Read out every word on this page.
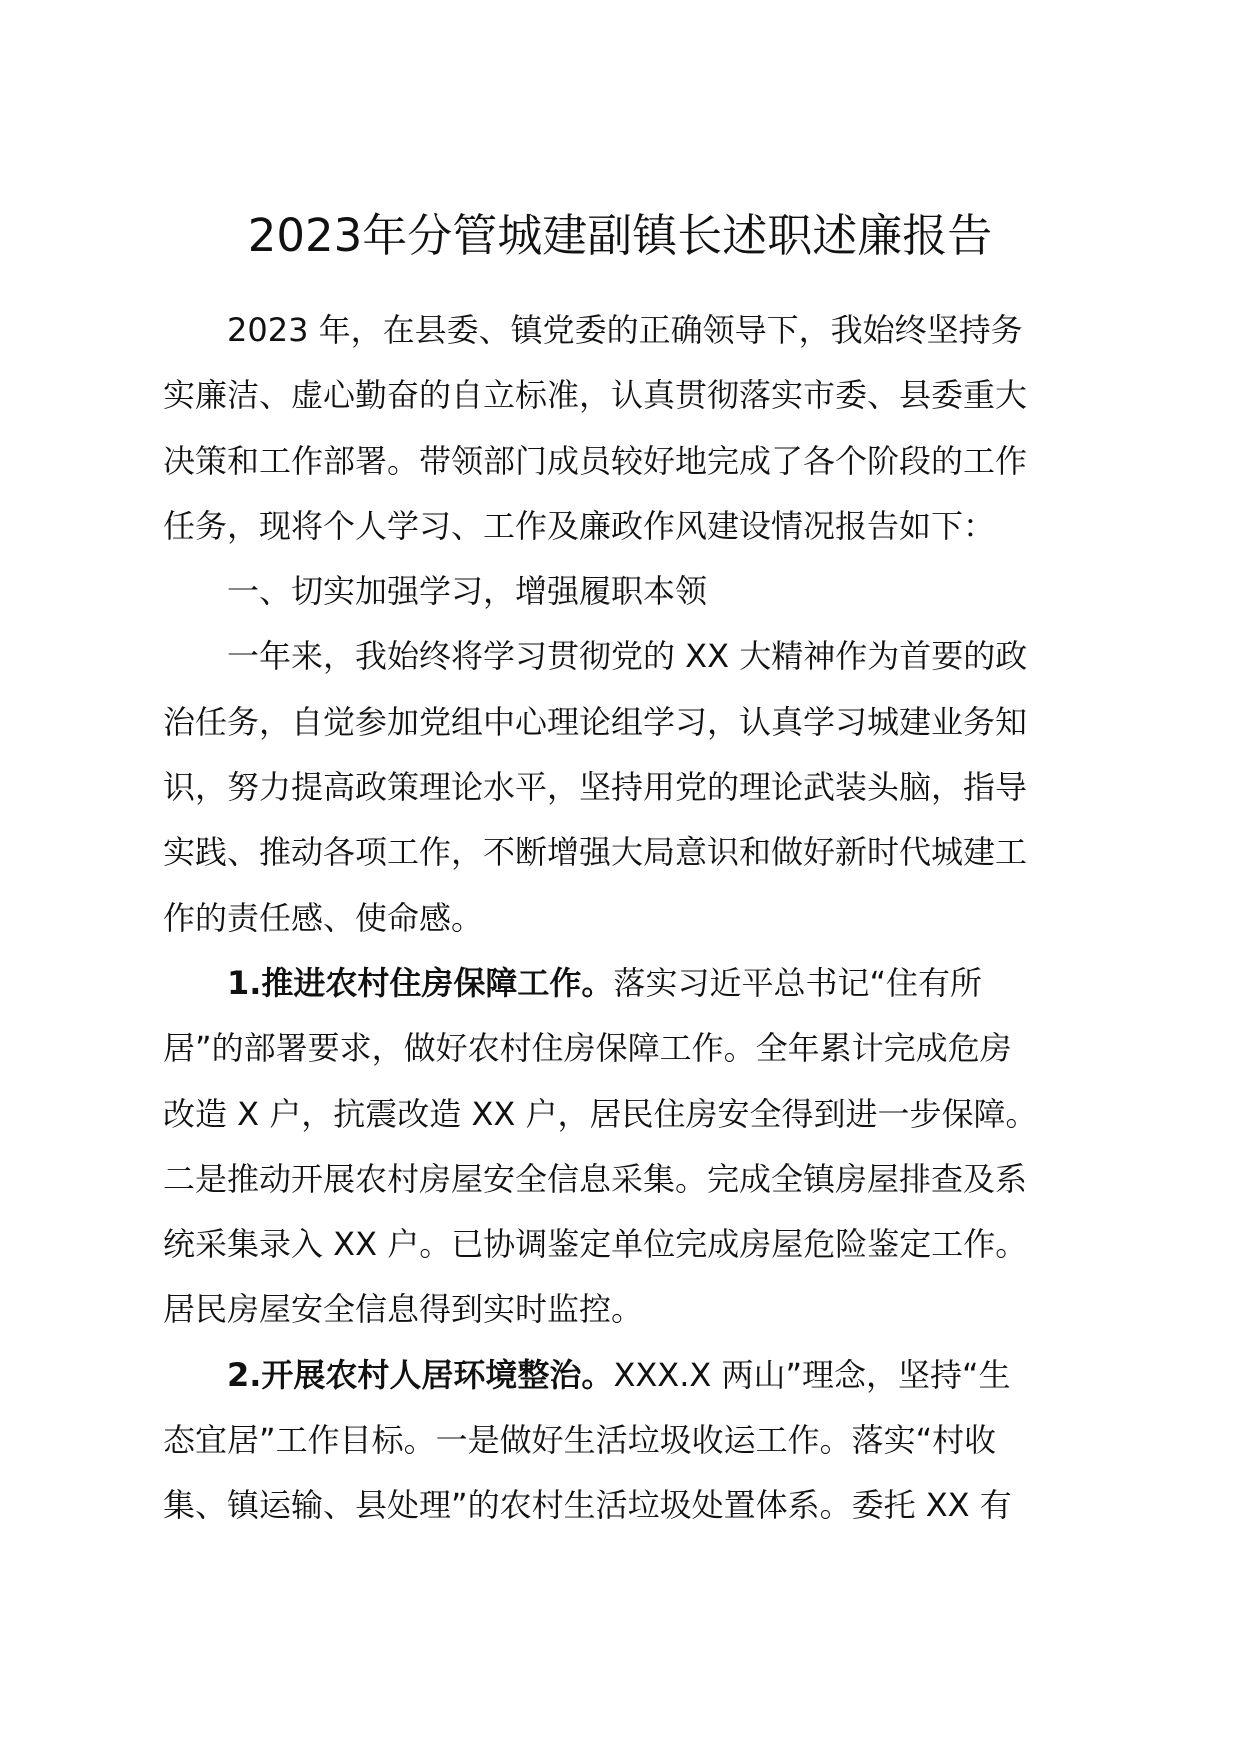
2023年分管城建副镇长述职述廉报告
2023 年，在县委、镇党委的正确领导下，我始终坚持务
实廉洁、虚心勤奋的自立标准，认真贯彻落实市委、县委重大
决策和工作部署。带领部门成员较好地完成了各个阶段的工作
任务，现将个人学习、工作及廉政作风建设情况报告如下：
一、切实加强学习，增强履职本领
一年来，我始终将学习贯彻党的 XX 大精神作为首要的政
治任务，自觉参加党组中心理论组学习，认真学习城建业务知
识，努力提高政策理论水平，坚持用党的理论武装头脑，指导
实践、推动各项工作，不断增强大局意识和做好新时代城建工
作的责任感、使命感。
1.推进农村住房保障工作。落实习近平总书记“住有所
居”的部署要求，做好农村住房保障工作。全年累计完成危房
改造 X 户，抗震改造 XX 户，居民住房安全得到进一步保障。
二是推动开展农村房屋安全信息采集。完成全镇房屋排查及系
统采集录入 XX 户。已协调鉴定单位完成房屋危险鉴定工作。
居民房屋安全信息得到实时监控。
2.开展农村人居环境整治。XXX.X 两山”理念，坚持“生
态宜居”工作目标。一是做好生活垃圾收运工作。落实“村收
集、镇运输、县处理”的农村生活垃圾处置体系。委托 XX 有
